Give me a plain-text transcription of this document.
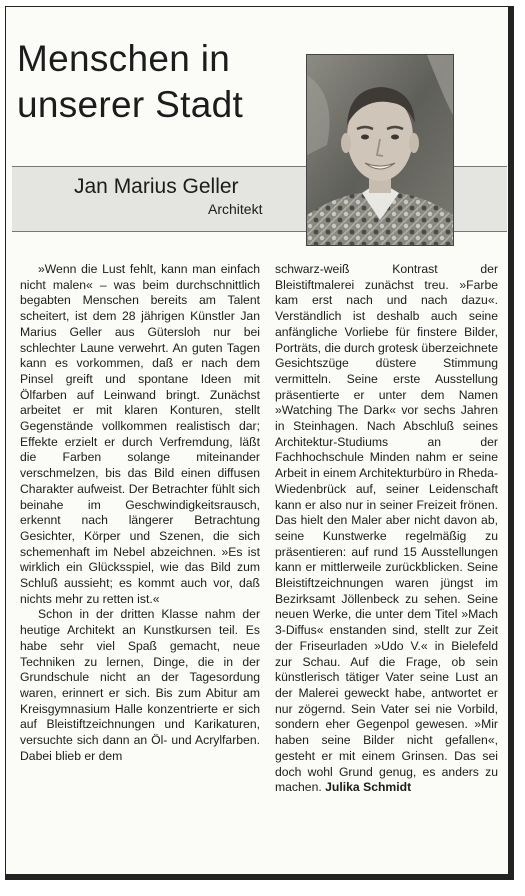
Menschen in
unserer Stadt
Jan Marius Geller
Architekt

»Wenn die Lust fehlt, kann man einfach nicht malen« – was beim durchschnittlich begabten Menschen bereits am Talent scheitert, ist dem 28 jährigen Künstler Jan Marius Geller aus Gütersloh nur bei schlechter Laune verwehrt. An guten Tagen kann es vorkommen, daß er nach dem Pinsel greift und spontane Ideen mit Ölfarben auf Leinwand bringt. Zunächst arbeitet er mit klaren Konturen, stellt Gegenstände vollkommen realistisch dar; Effekte erzielt er durch Verfremdung, läßt die Farben solange miteinander verschmelzen, bis das Bild einen diffusen Charakter aufweist. Der Betrachter fühlt sich beinahe im Geschwindigkeitsrausch, erkennt nach längerer Betrachtung Gesichter, Körper und Szenen, die sich schemenhaft im Nebel abzeichnen. »Es ist wirklich ein Glücksspiel, wie das Bild zum Schluß aussieht; es kommt auch vor, daß nichts mehr zu retten ist.«

Schon in der dritten Klasse nahm der heutige Architekt an Kunstkursen teil. Es habe sehr viel Spaß gemacht, neue Techniken zu lernen, Dinge, die in der Grundschule nicht an der Tagesordung waren, erinnert er sich. Bis zum Abitur am Kreisgymnasium Halle konzentrierte er sich auf Bleistiftzeichnungen und Karikaturen, versuchte sich dann an Öl- und Acrylfarben. Dabei blieb er dem

schwarz-weiß Kontrast der Bleistiftmalerei zunächst treu. »Farbe kam erst nach und nach dazu«. Verständlich ist deshalb auch seine anfängliche Vorliebe für finstere Bilder, Porträts, die durch grotesk überzeichnete Gesichtszüge düstere Stimmung vermitteln. Seine erste Ausstellung präsentierte er unter dem Namen »Watching The Dark« vor sechs Jahren in Steinhagen. Nach Abschluß seines Architektur-Studiums an der Fachhochschule Minden nahm er seine Arbeit in einem Architekturbüro in Rheda-Wiedenbrück auf, seiner Leidenschaft kann er also nur in seiner Freizeit frönen. Das hielt den Maler aber nicht davon ab, seine Kunstwerke regelmäßig zu präsentieren: auf rund 15 Ausstellungen kann er mittlerweile zurückblicken. Seine Bleistiftzeichnungen waren jüngst im Bezirksamt Jöllenbeck zu sehen. Seine neuen Werke, die unter dem Titel »Mach 3-Diffus« enstanden sind, stellt zur Zeit der Friseurladen »Udo V.« in Bielefeld zur Schau. Auf die Frage, ob sein künstlerisch tätiger Vater seine Lust an der Malerei geweckt habe, antwortet er nur zögernd. Sein Vater sei nie Vorbild, sondern eher Gegenpol gewesen. »Mir haben seine Bilder nicht gefallen«, gesteht er mit einem Grinsen. Das sei doch wohl Grund genug, es anders zu machen. Julika Schmidt
